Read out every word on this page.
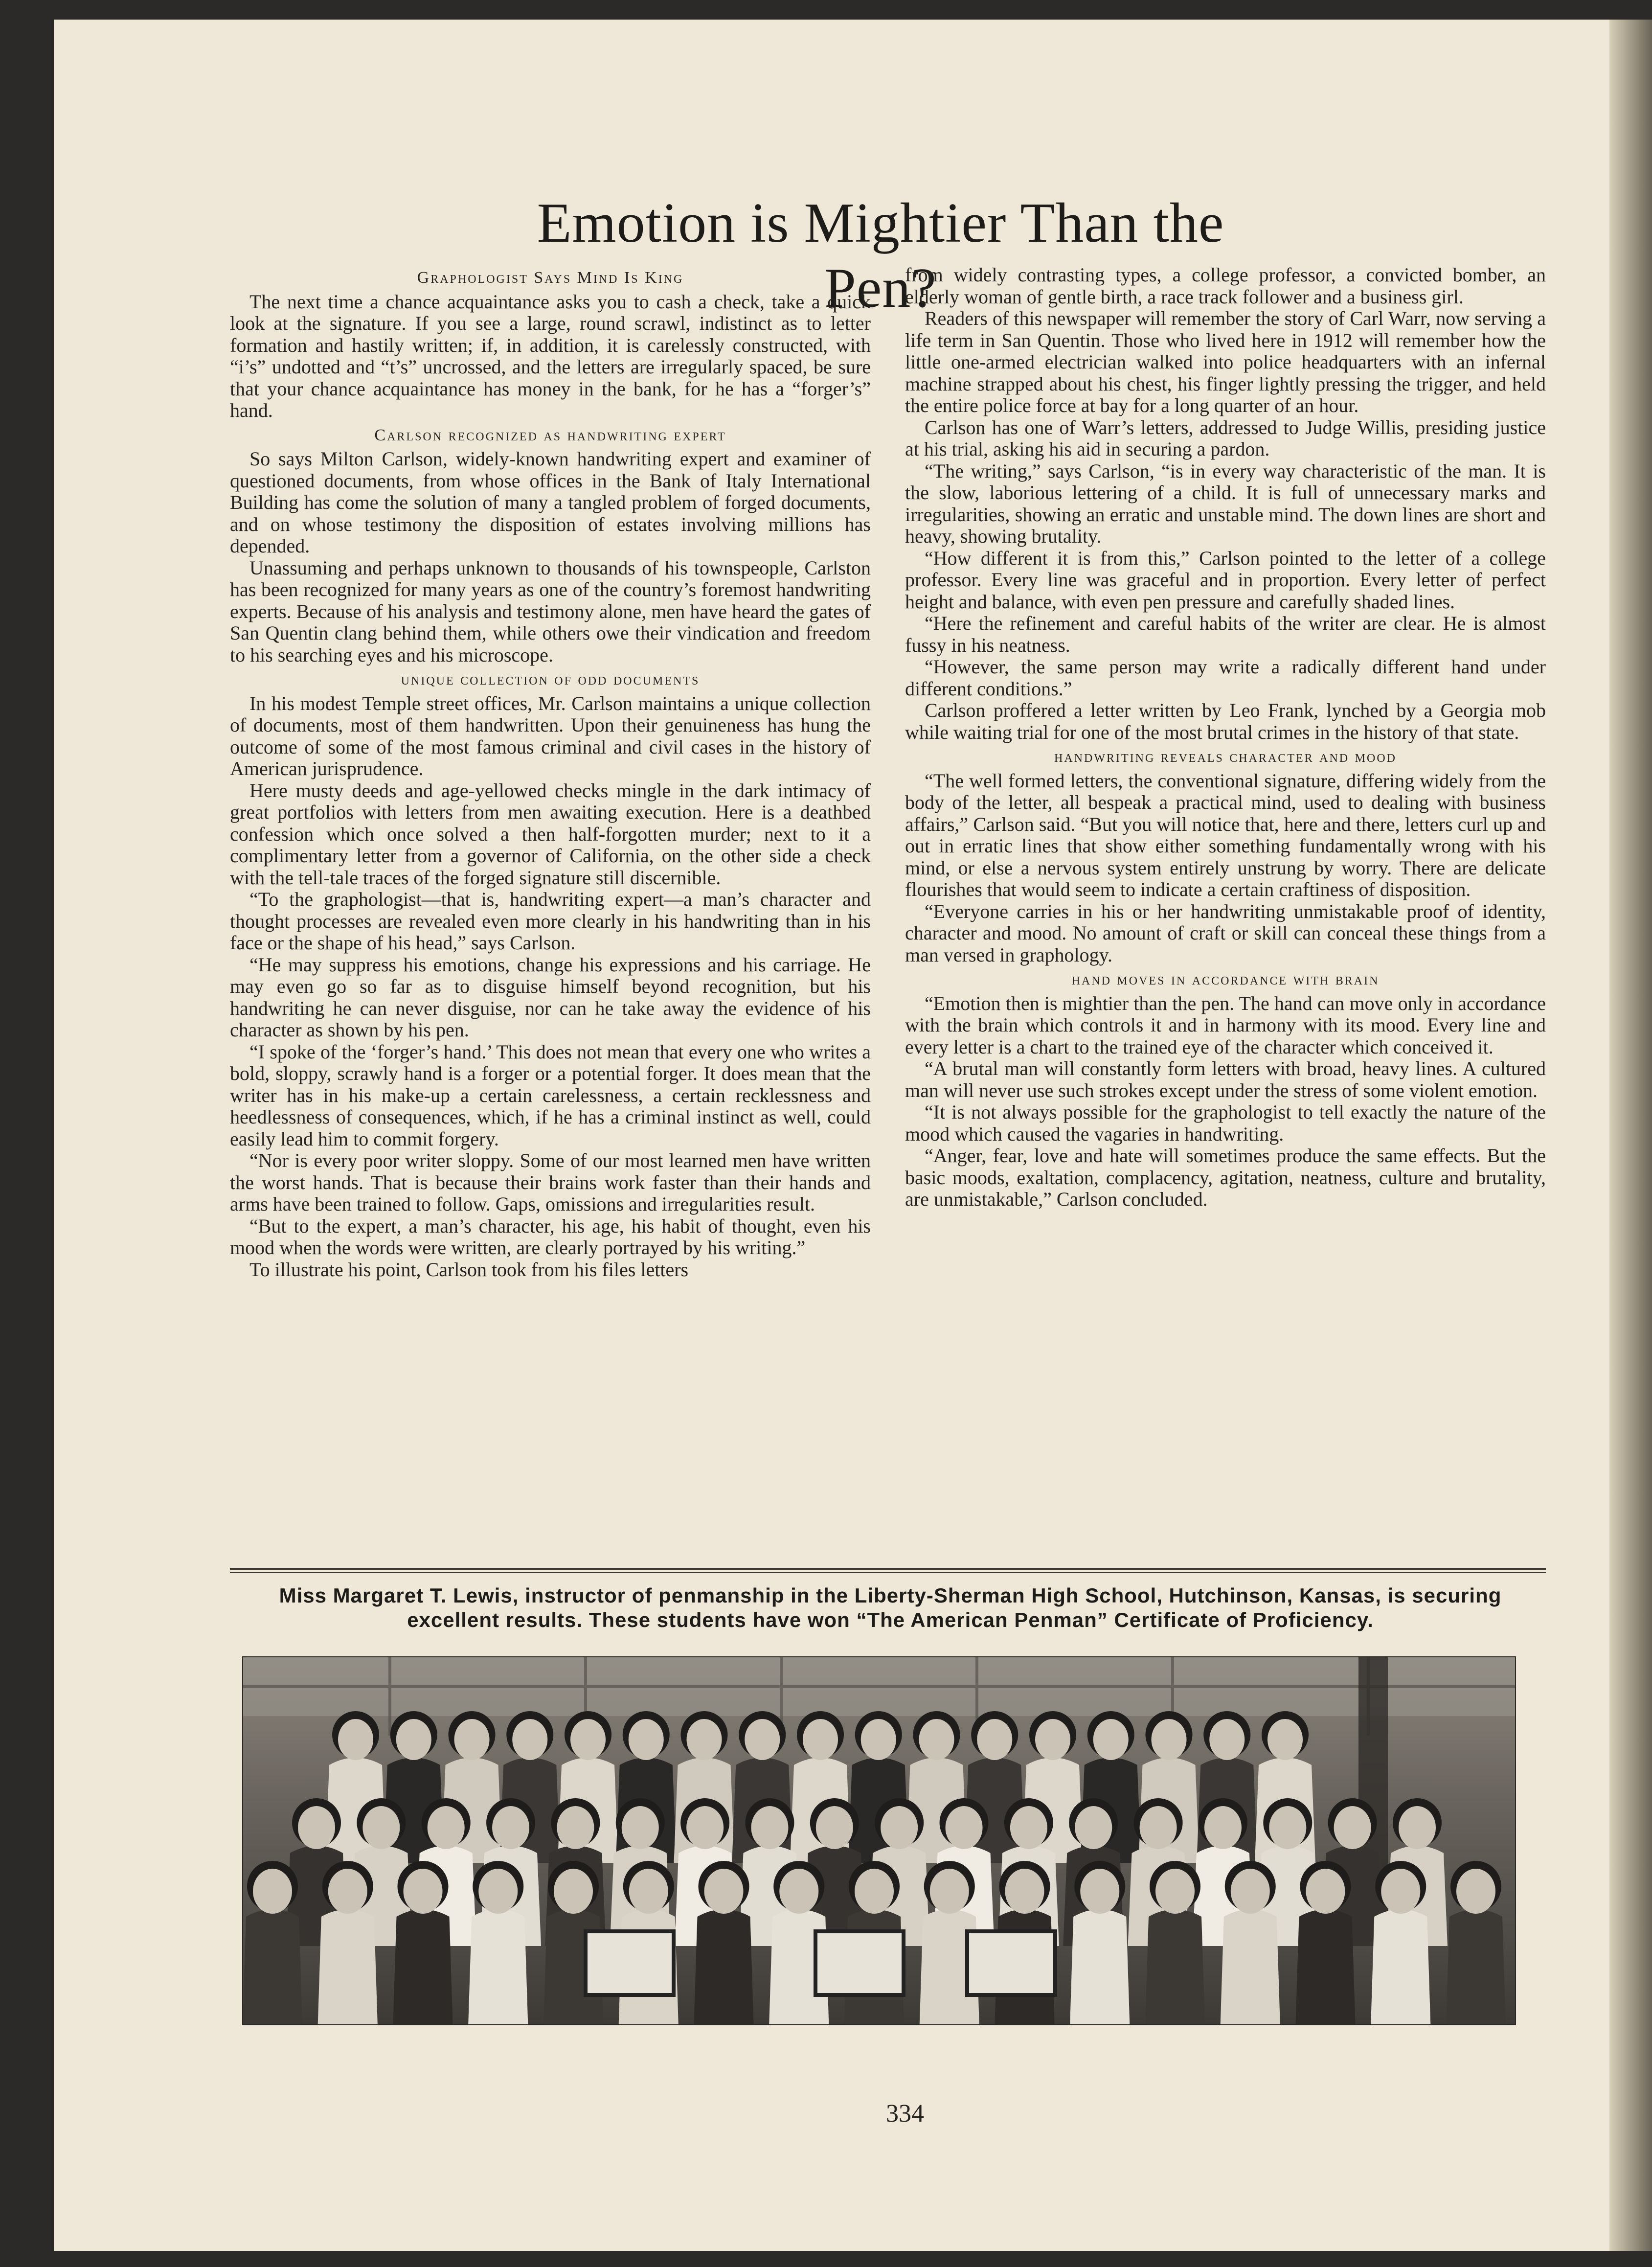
Emotion is Mightier Than the Pen?
Graphologist Says Mind Is King

The next time a chance acquaintance asks you to cash a check, take a quick look at the signature. If you see a large, round scrawl, indistinct as to letter formation and hastily written; if, in addition, it is carelessly constructed, with “i’s” undotted and “t’s” uncrossed, and the letters are irregularly spaced, be sure that your chance acquaintance has money in the bank, for he has a “forger’s” hand.

Carlson recognized as handwriting expert

So says Milton Carlson, widely-known handwriting expert and examiner of questioned documents, from whose offices in the Bank of Italy International Building has come the solution of many a tangled problem of forged documents, and on whose testimony the disposition of estates involving millions has depended.

Unassuming and perhaps unknown to thousands of his townspeople, Carlston has been recognized for many years as one of the country’s foremost handwriting experts. Because of his analysis and testimony alone, men have heard the gates of San Quentin clang behind them, while others owe their vindication and freedom to his searching eyes and his microscope.

unique collection of odd documents

In his modest Temple street offices, Mr. Carlson maintains a unique collection of documents, most of them handwritten. Upon their genuineness has hung the outcome of some of the most famous criminal and civil cases in the history of American jurisprudence.

Here musty deeds and age-yellowed checks mingle in the dark intimacy of great portfolios with letters from men awaiting execution. Here is a deathbed confession which once solved a then half-forgotten murder; next to it a complimentary letter from a governor of California, on the other side a check with the tell-tale traces of the forged signature still discernible.

“To the graphologist—that is, handwriting expert—a man’s character and thought processes are revealed even more clearly in his handwriting than in his face or the shape of his head,” says Carlson.

“He may suppress his emotions, change his expressions and his carriage. He may even go so far as to disguise himself beyond recognition, but his handwriting he can never disguise, nor can he take away the evidence of his character as shown by his pen.

“I spoke of the ‘forger’s hand.’ This does not mean that every one who writes a bold, sloppy, scrawly hand is a forger or a potential forger. It does mean that the writer has in his make-up a certain carelessness, a certain recklessness and heedlessness of consequences, which, if he has a criminal instinct as well, could easily lead him to commit forgery.

“Nor is every poor writer sloppy. Some of our most learned men have written the worst hands. That is because their brains work faster than their hands and arms have been trained to follow. Gaps, omissions and irregularities result.

“But to the expert, a man’s character, his age, his habit of thought, even his mood when the words were written, are clearly portrayed by his writing.”

To illustrate his point, Carlson took from his files letters

from widely contrasting types, a college professor, a convicted bomber, an elderly woman of gentle birth, a race track follower and a business girl.

Readers of this newspaper will remember the story of Carl Warr, now serving a life term in San Quentin. Those who lived here in 1912 will remember how the little one-armed electrician walked into police headquarters with an infernal machine strapped about his chest, his finger lightly pressing the trigger, and held the entire police force at bay for a long quarter of an hour.

Carlson has one of Warr’s letters, addressed to Judge Willis, presiding justice at his trial, asking his aid in securing a pardon.

“The writing,” says Carlson, “is in every way characteristic of the man. It is the slow, laborious lettering of a child. It is full of unnecessary marks and irregularities, showing an erratic and unstable mind. The down lines are short and heavy, showing brutality.

“How different it is from this,” Carlson pointed to the letter of a college professor. Every line was graceful and in proportion. Every letter of perfect height and balance, with even pen pressure and carefully shaded lines.

“Here the refinement and careful habits of the writer are clear. He is almost fussy in his neatness.

“However, the same person may write a radically different hand under different conditions.”

Carlson proffered a letter written by Leo Frank, lynched by a Georgia mob while waiting trial for one of the most brutal crimes in the history of that state.

handwriting reveals character and mood

“The well formed letters, the conventional signature, differing widely from the body of the letter, all bespeak a practical mind, used to dealing with business affairs,” Carlson said. “But you will notice that, here and there, letters curl up and out in erratic lines that show either something fundamentally wrong with his mind, or else a nervous system entirely unstrung by worry. There are delicate flourishes that would seem to indicate a certain craftiness of disposition.

“Everyone carries in his or her handwriting unmistakable proof of identity, character and mood. No amount of craft or skill can conceal these things from a man versed in graphology.

hand moves in accordance with brain

“Emotion then is mightier than the pen. The hand can move only in accordance with the brain which controls it and in harmony with its mood. Every line and every letter is a chart to the trained eye of the character which conceived it.

“A brutal man will constantly form letters with broad, heavy lines. A cultured man will never use such strokes except under the stress of some violent emotion.

“It is not always possible for the graphologist to tell exactly the nature of the mood which caused the vagaries in handwriting.

“Anger, fear, love and hate will sometimes produce the same effects. But the basic moods, exaltation, complacency, agitation, neatness, culture and brutality, are unmistakable,” Carlson concluded.

Miss Margaret T. Lewis, instructor of penmanship in the Liberty-Sherman High School, Hutchinson, Kansas, is securing excellent results. These students have won “The American Penman” Certificate of Proficiency.
334
